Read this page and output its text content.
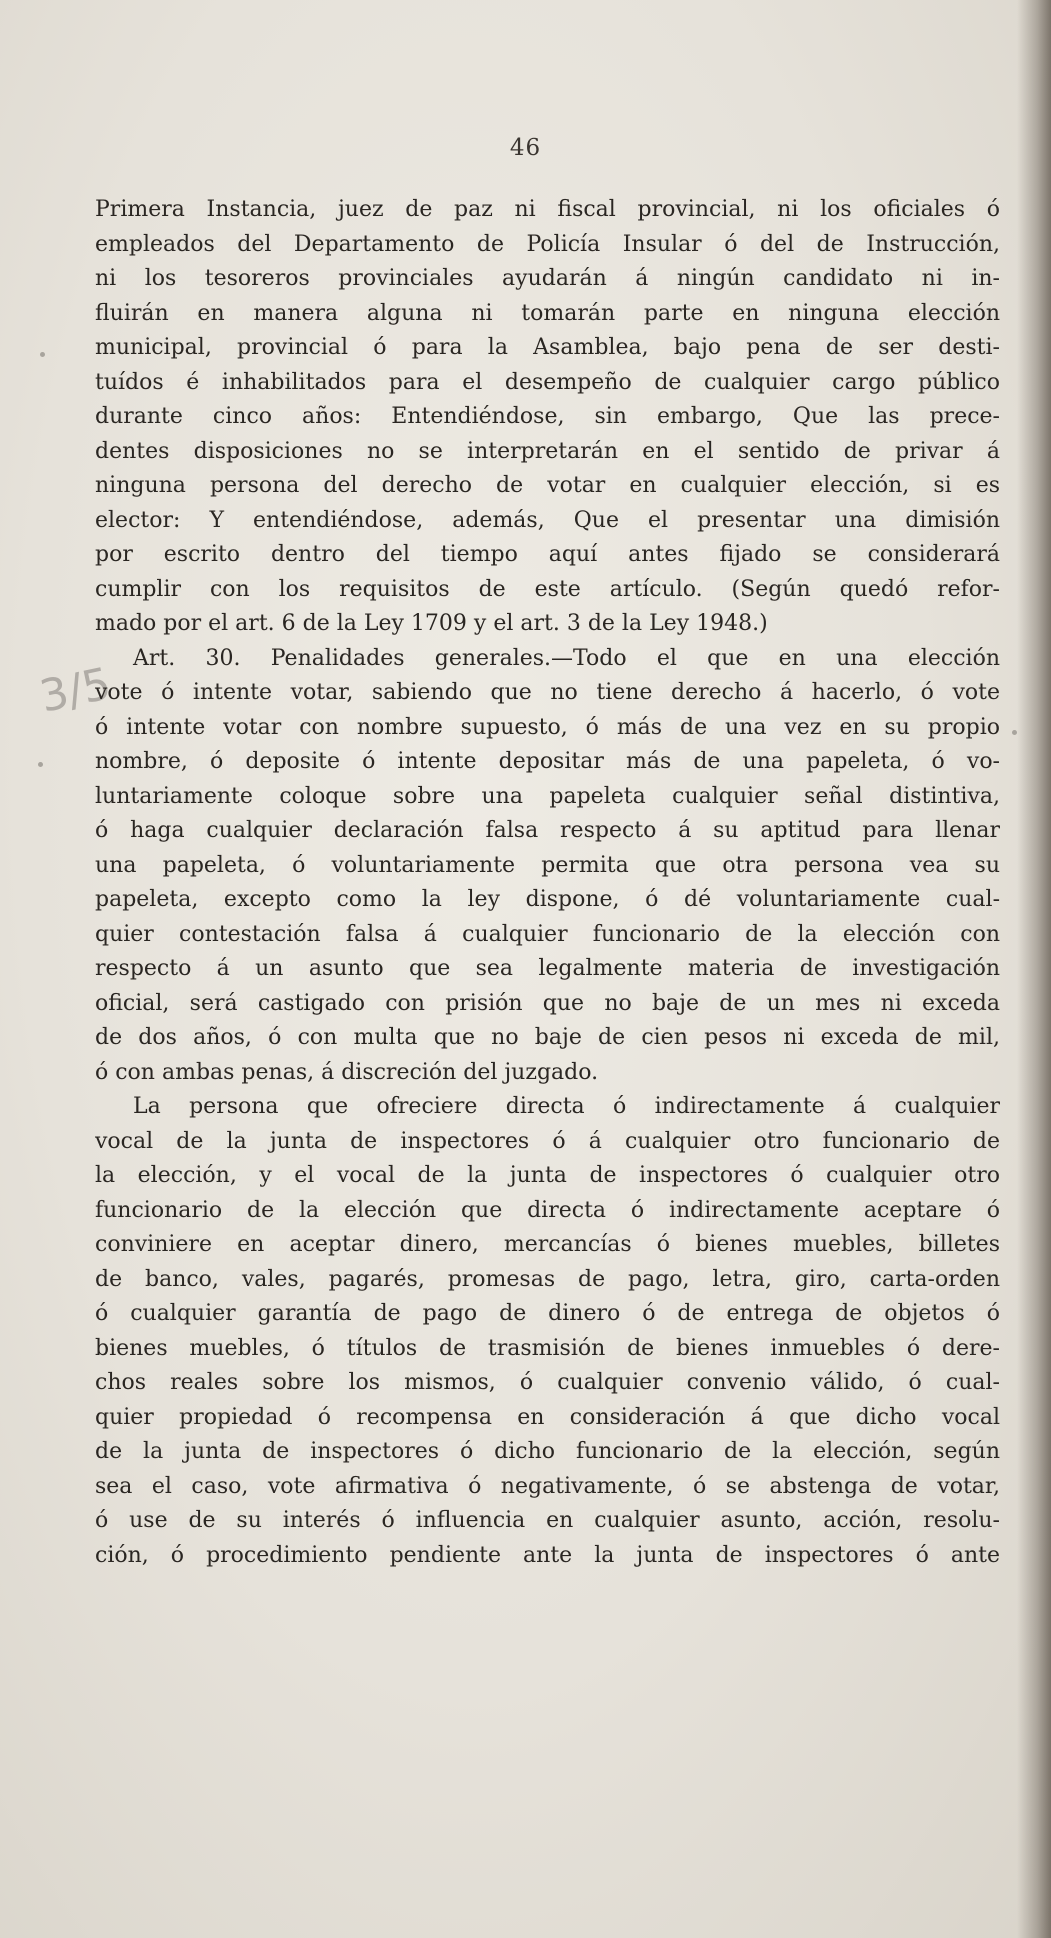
46
3/5
Primera Instancia, juez de paz ni fiscal provincial, ni los oficiales ó
empleados del Departamento de Policía Insular ó del de Instrucción,
ni los tesoreros provinciales ayudarán á ningún candidato ni in-
fluirán en manera alguna ni tomarán parte en ninguna elección
municipal, provincial ó para la Asamblea, bajo pena de ser desti-
tuídos é inhabilitados para el desempeño de cualquier cargo público
durante cinco años: Entendiéndose, sin embargo, Que las prece-
dentes disposiciones no se interpretarán en el sentido de privar á
ninguna persona del derecho de votar en cualquier elección, si es
elector: Y entendiéndose, además, Que el presentar una dimisión
por escrito dentro del tiempo aquí antes fijado se considerará
cumplir con los requisitos de este artículo. (Según quedó refor-
mado por el art. 6 de la Ley 1709 y el art. 3 de la Ley 1948.)
Art. 30. Penalidades generales.—Todo el que en una elección
vote ó intente votar, sabiendo que no tiene derecho á hacerlo, ó vote
ó intente votar con nombre supuesto, ó más de una vez en su propio
nombre, ó deposite ó intente depositar más de una papeleta, ó vo-
luntariamente coloque sobre una papeleta cualquier señal distintiva,
ó haga cualquier declaración falsa respecto á su aptitud para llenar
una papeleta, ó voluntariamente permita que otra persona vea su
papeleta, excepto como la ley dispone, ó dé voluntariamente cual-
quier contestación falsa á cualquier funcionario de la elección con
respecto á un asunto que sea legalmente materia de investigación
oficial, será castigado con prisión que no baje de un mes ni exceda
de dos años, ó con multa que no baje de cien pesos ni exceda de mil,
ó con ambas penas, á discreción del juzgado.
La persona que ofreciere directa ó indirectamente á cualquier
vocal de la junta de inspectores ó á cualquier otro funcionario de
la elección, y el vocal de la junta de inspectores ó cualquier otro
funcionario de la elección que directa ó indirectamente aceptare ó
conviniere en aceptar dinero, mercancías ó bienes muebles, billetes
de banco, vales, pagarés, promesas de pago, letra, giro, carta-orden
ó cualquier garantía de pago de dinero ó de entrega de objetos ó
bienes muebles, ó títulos de trasmisión de bienes inmuebles ó dere-
chos reales sobre los mismos, ó cualquier convenio válido, ó cual-
quier propiedad ó recompensa en consideración á que dicho vocal
de la junta de inspectores ó dicho funcionario de la elección, según
sea el caso, vote afirmativa ó negativamente, ó se abstenga de votar,
ó use de su interés ó influencia en cualquier asunto, acción, resolu-
ción, ó procedimiento pendiente ante la junta de inspectores ó ante
